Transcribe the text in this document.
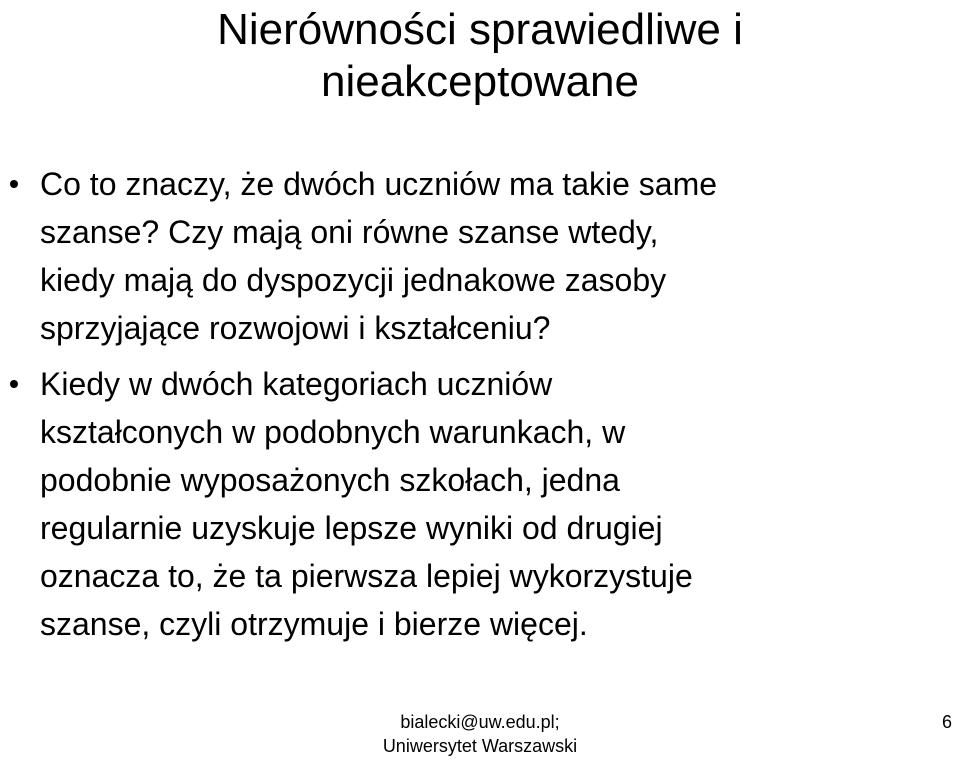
Nierówności sprawiedliwe i
nieakceptowane
Co to znaczy, że dwóch uczniów ma takie same
szanse? Czy mają oni równe szanse wtedy,
kiedy mają do dyspozycji jednakowe zasoby
sprzyjające rozwojowi i kształceniu?
Kiedy w dwóch kategoriach uczniów
kształconych w podobnych warunkach, w
podobnie wyposażonych szkołach, jedna
regularnie uzyskuje lepsze wyniki od drugiej
oznacza to, że ta pierwsza lepiej wykorzystuje
szanse, czyli otrzymuje i bierze więcej.
bialecki@uw.edu.pl;
Uniwersytet Warszawski
6
